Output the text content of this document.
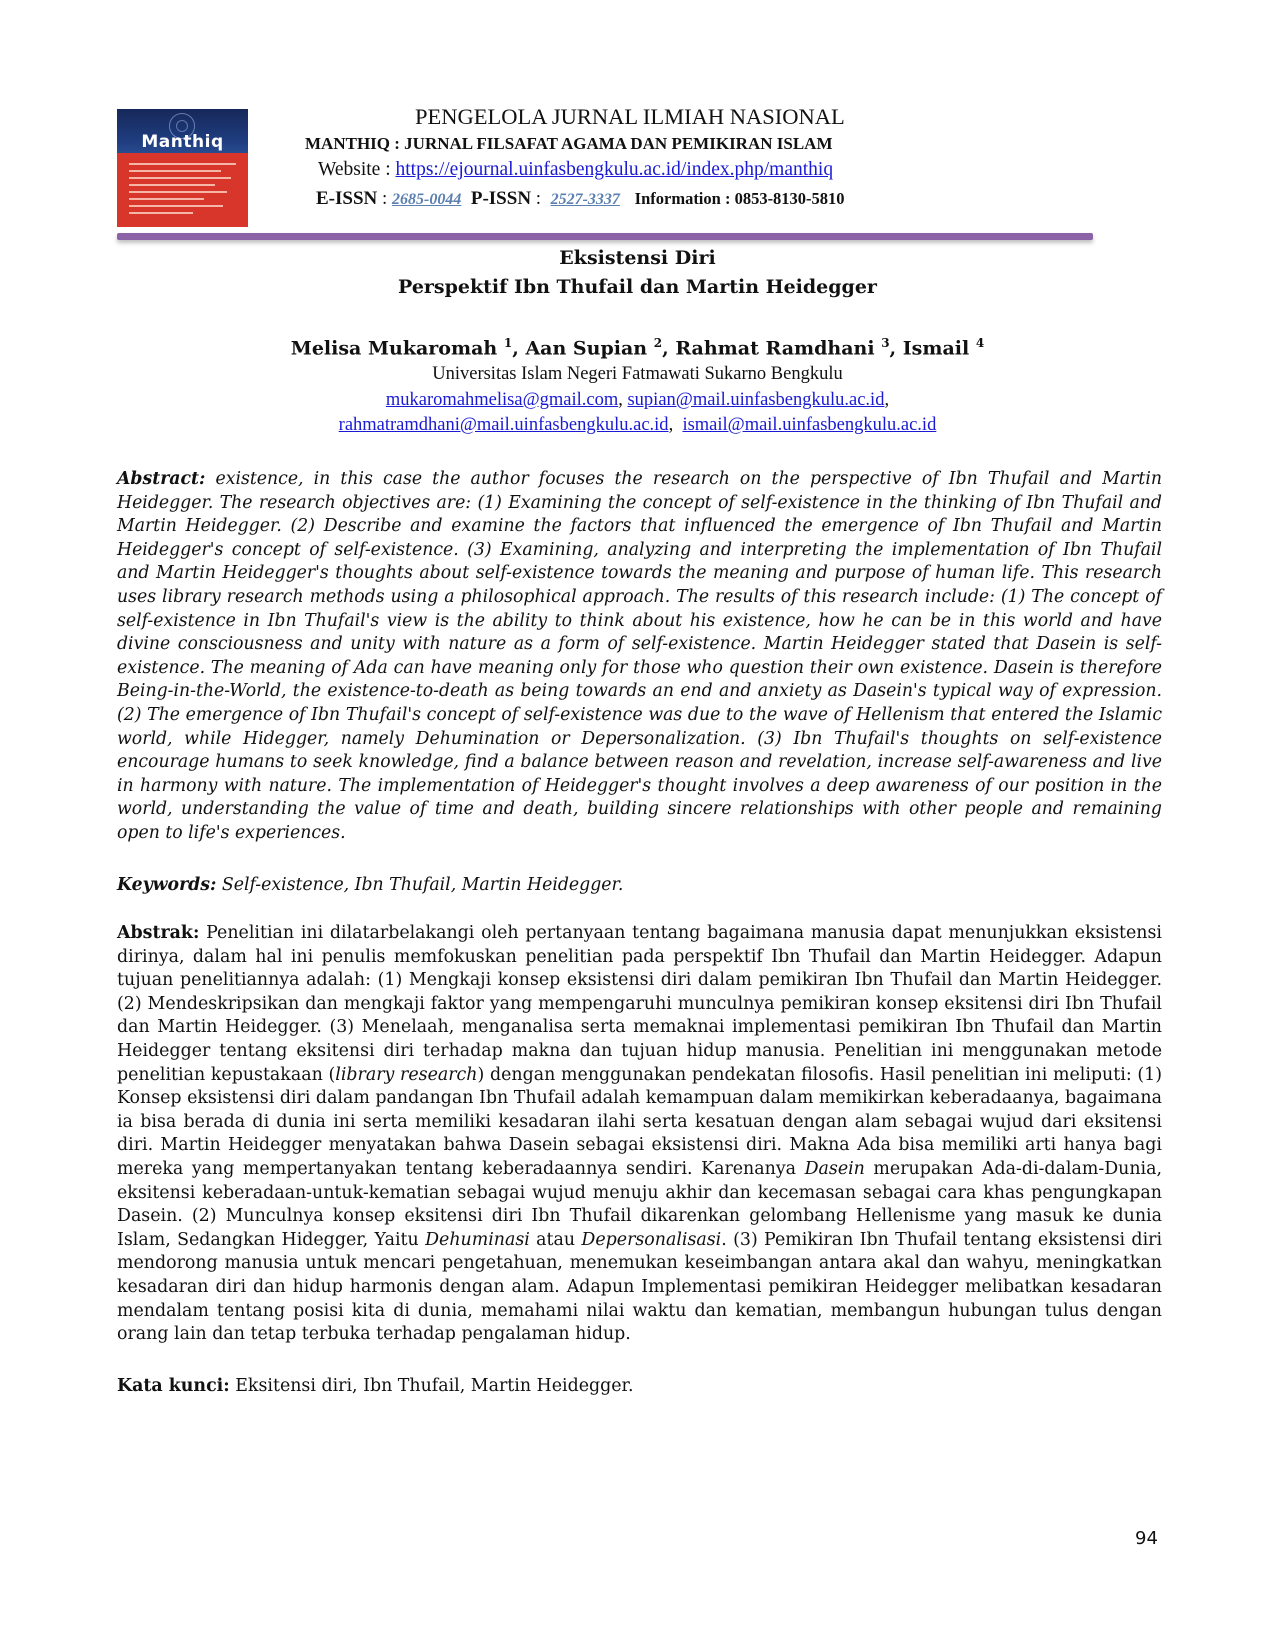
Manthiq
PENGELOLA JURNAL ILMIAH NASIONAL
MANTHIQ : JURNAL FILSAFAT AGAMA DAN PEMIKIRAN ISLAM
Website : https://ejournal.uinfasbengkulu.ac.id/index.php/manthiq
E-ISSN : 2685-0044 P-ISSN :  2527-3337 Information : 0853-8130-5810
Eksistensi Diri
Perspektif Ibn Thufail dan Martin Heidegger
Melisa Mukaromah $^1$, Aan Supian $^2$, Rahmat Ramdhani $^3$, Ismail $^4$
Universitas Islam Negeri Fatmawati Sukarno Bengkulu
mukaromahmelisa@gmail.com, supian@mail.uinfasbengkulu.ac.id,
rahmatramdhani@mail.uinfasbengkulu.ac.id,  ismail@mail.uinfasbengkulu.ac.id
Abstract: existence, in this case the author focuses the research on the perspective of Ibn Thufail and Martin Heidegger. The research objectives are: (1) Examining the concept of self-existence in the thinking of Ibn Thufail and Martin Heidegger. (2) Describe and examine the factors that influenced the emergence of Ibn Thufail and Martin Heidegger's concept of self-existence. (3) Examining, analyzing and interpreting the implementation of Ibn Thufail and Martin Heidegger's thoughts about self-existence towards the meaning and purpose of human life. This research uses library research methods using a philosophical approach. The results of this research include: (1) The concept of self-existence in Ibn Thufail's view is the ability to think about his existence, how he can be in this world and have divine consciousness and unity with nature as a form of self-existence. Martin Heidegger stated that Dasein is self-existence. The meaning of Ada can have meaning only for those who question their own existence. Dasein is therefore Being-in-the-World, the existence-to-death as being towards an end and anxiety as Dasein's typical way of expression. (2) The emergence of Ibn Thufail's concept of self-existence was due to the wave of Hellenism that entered the Islamic world, while Hidegger, namely Dehumination or Depersonalization. (3) Ibn Thufail's thoughts on self-existence encourage humans to seek knowledge, find a balance between reason and revelation, increase self-awareness and live in harmony with nature. The implementation of Heidegger's thought involves a deep awareness of our position in the world, understanding the value of time and death, building sincere relationships with other people and remaining open to life's experiences.
Keywords: Self-existence, Ibn Thufail, Martin Heidegger.
Abstrak: Penelitian ini dilatarbelakangi oleh pertanyaan tentang bagaimana manusia dapat menunjukkan eksistensi dirinya, dalam hal ini penulis memfokuskan penelitian pada perspektif Ibn Thufail dan Martin Heidegger. Adapun tujuan penelitiannya adalah: (1) Mengkaji konsep eksistensi diri dalam pemikiran Ibn Thufail dan Martin Heidegger. (2) Mendeskripsikan dan mengkaji faktor yang mempengaruhi munculnya pemikiran konsep eksitensi diri Ibn Thufail dan Martin Heidegger. (3) Menelaah, menganalisa serta memaknai implementasi pemikiran Ibn Thufail dan Martin Heidegger tentang eksitensi diri terhadap makna dan tujuan hidup manusia. Penelitian ini menggunakan metode penelitian kepustakaan (library research) dengan menggunakan pendekatan filosofis. Hasil penelitian ini meliputi: (1) Konsep eksistensi diri dalam pandangan Ibn Thufail adalah kemampuan dalam memikirkan keberadaanya, bagaimana ia bisa berada di dunia ini serta memiliki kesadaran ilahi serta kesatuan dengan alam sebagai wujud dari eksitensi diri. Martin Heidegger menyatakan bahwa Dasein sebagai eksistensi diri. Makna Ada bisa memiliki arti hanya bagi mereka yang mempertanyakan tentang keberadaannya sendiri. Karenanya Dasein merupakan Ada-di-dalam-Dunia, eksitensi keberadaan-untuk-kematian sebagai wujud menuju akhir dan kecemasan sebagai cara khas pengungkapan Dasein. (2) Munculnya konsep eksitensi diri Ibn Thufail dikarenkan gelombang Hellenisme yang masuk ke dunia Islam, Sedangkan Hidegger, Yaitu Dehuminasi atau Depersonalisasi. (3) Pemikiran Ibn Thufail tentang eksistensi diri mendorong manusia untuk mencari pengetahuan, menemukan keseimbangan antara akal dan wahyu, meningkatkan kesadaran diri dan hidup harmonis dengan alam. Adapun Implementasi pemikiran Heidegger melibatkan kesadaran mendalam tentang posisi kita di dunia, memahami nilai waktu dan kematian, membangun hubungan tulus dengan orang lain dan tetap terbuka terhadap pengalaman hidup.
Kata kunci: Eksitensi diri, Ibn Thufail, Martin Heidegger.
94
